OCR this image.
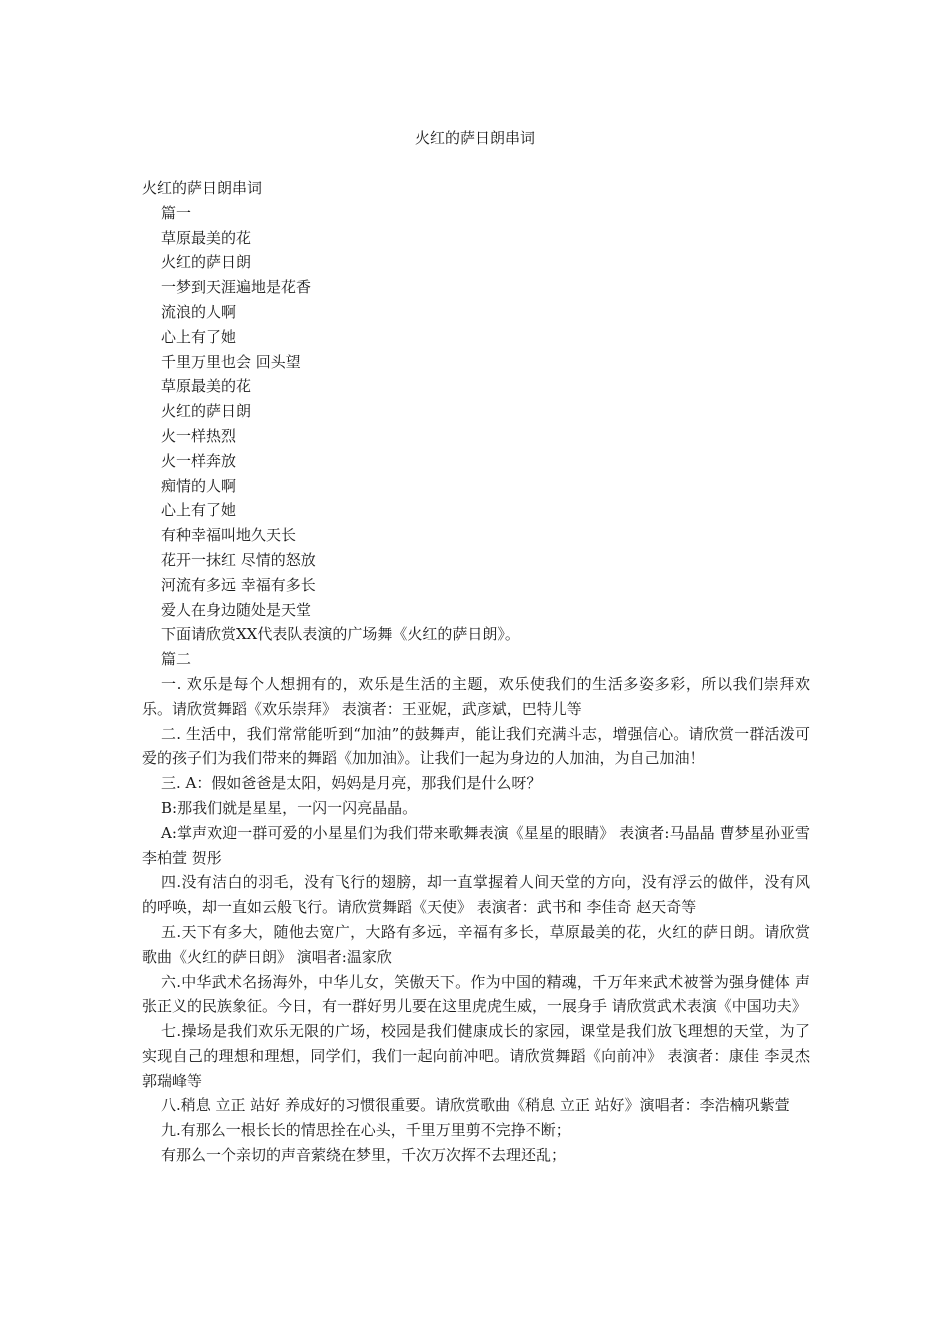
火红的萨日朗串词
火红的萨日朗串词
篇一
草原最美的花
火红的萨日朗
一梦到天涯遍地是花香
流浪的人啊
心上有了她
千里万里也会 回头望
草原最美的花
火红的萨日朗
火一样热烈
火一样奔放
痴情的人啊
心上有了她
有种幸福叫地久天长
花开一抹红 尽情的怒放
河流有多远 幸福有多长
爱人在身边随处是天堂
下面请欣赏XX代表队表演的广场舞《火红的萨日朗》。
篇二
一. 欢乐是每个人想拥有的，欢乐是生活的主题，欢乐使我们的生活多姿多彩，所以我们崇拜欢乐。请欣赏舞蹈《欢乐崇拜》 表演者：王亚妮，武彦斌，巴特儿等
二. 生活中，我们常常能听到“加油”的鼓舞声，能让我们充满斗志，增强信心。请欣赏一群活泼可爱的孩子们为我们带来的舞蹈《加加油》。让我们一起为身边的人加油，为自己加油！
三. A：假如爸爸是太阳，妈妈是月亮，那我们是什么呀？
B:那我们就是星星，一闪一闪亮晶晶。
A:掌声欢迎一群可爱的小星星们为我们带来歌舞表演《星星的眼睛》 表演者:马晶晶 曹梦星孙亚雪 李柏萱 贺彤
四.没有洁白的羽毛，没有飞行的翅膀，却一直掌握着人间天堂的方向，没有浮云的做伴，没有风的呼唤，却一直如云般飞行。请欣赏舞蹈《天使》 表演者：武书和 李佳奇 赵天奇等
五.天下有多大，随他去宽广，大路有多远，辛福有多长，草原最美的花，火红的萨日朗。请欣赏歌曲《火红的萨日朗》 演唱者:温家欣
六.中华武术名扬海外，中华儿女，笑傲天下。作为中国的精魂，千万年来武术被誉为强身健体 声张正义的民族象征。今日，有一群好男儿要在这里虎虎生威，一展身手 请欣赏武术表演《中国功夫》
七.操场是我们欢乐无限的广场，校园是我们健康成长的家园，课堂是我们放飞理想的天堂，为了实现自己的理想和理想，同学们，我们一起向前冲吧。请欣赏舞蹈《向前冲》 表演者：康佳 李灵杰 郭瑞峰等
八.稍息 立正 站好 养成好的习惯很重要。请欣赏歌曲《稍息 立正 站好》演唱者：李浩楠巩紫萱
九.有那么一根长长的情思拴在心头，千里万里剪不完挣不断；
有那么一个亲切的声音萦绕在梦里，千次万次挥不去理还乱；
